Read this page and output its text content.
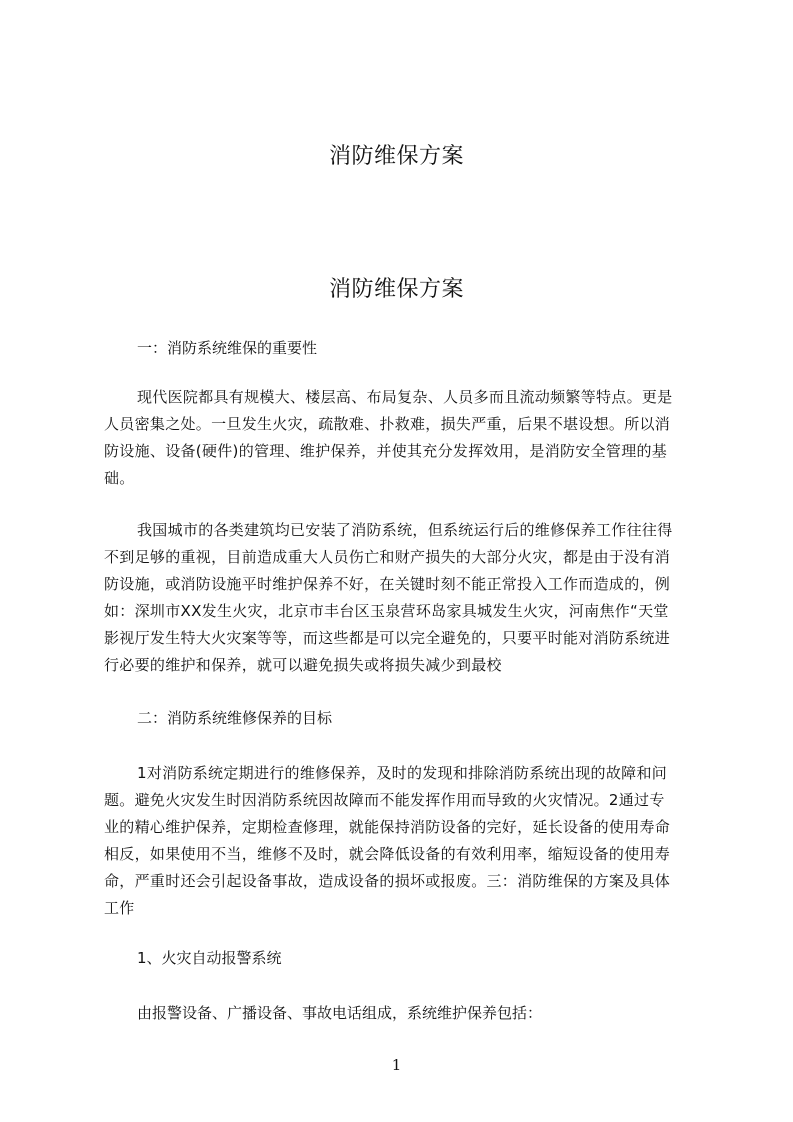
消防维保方案
消防维保方案
一：消防系统维保的重要性
现代医院都具有规模大、楼层高、布局复杂、人员多而且流动频繁等特点。更是
人员密集之处。一旦发生火灾，疏散难、扑救难，损失严重，后果不堪设想。所以消
防设施、设备(硬件)的管理、维护保养，并使其充分发挥效用，是消防安全管理的基
础。
我国城市的各类建筑均已安装了消防系统，但系统运行后的维修保养工作往往得
不到足够的重视，目前造成重大人员伤亡和财产损失的大部分火灾，都是由于没有消
防设施，或消防设施平时维护保养不好，在关键时刻不能正常投入工作而造成的，例
如：深圳市XX发生火灾，北京市丰台区玉泉营环岛家具城发生火灾，河南焦作“天堂
影视厅发生特大火灾案等等，而这些都是可以完全避免的，只要平时能对消防系统进
行必要的维护和保养，就可以避免损失或将损失减少到最校
二：消防系统维修保养的目标
1对消防系统定期进行的维修保养，及时的发现和排除消防系统出现的故障和问
题。避免火灾发生时因消防系统因故障而不能发挥作用而导致的火灾情况。2通过专
业的精心维护保养，定期检查修理，就能保持消防设备的完好，延长设备的使用寿命
相反，如果使用不当，维修不及时，就会降低设备的有效利用率，缩短设备的使用寿
命，严重时还会引起设备事故，造成设备的损坏或报废。三：消防维保的方案及具体
工作
1、火灾自动报警系统
由报警设备、广播设备、事故电话组成，系统维护保养包括：
1
